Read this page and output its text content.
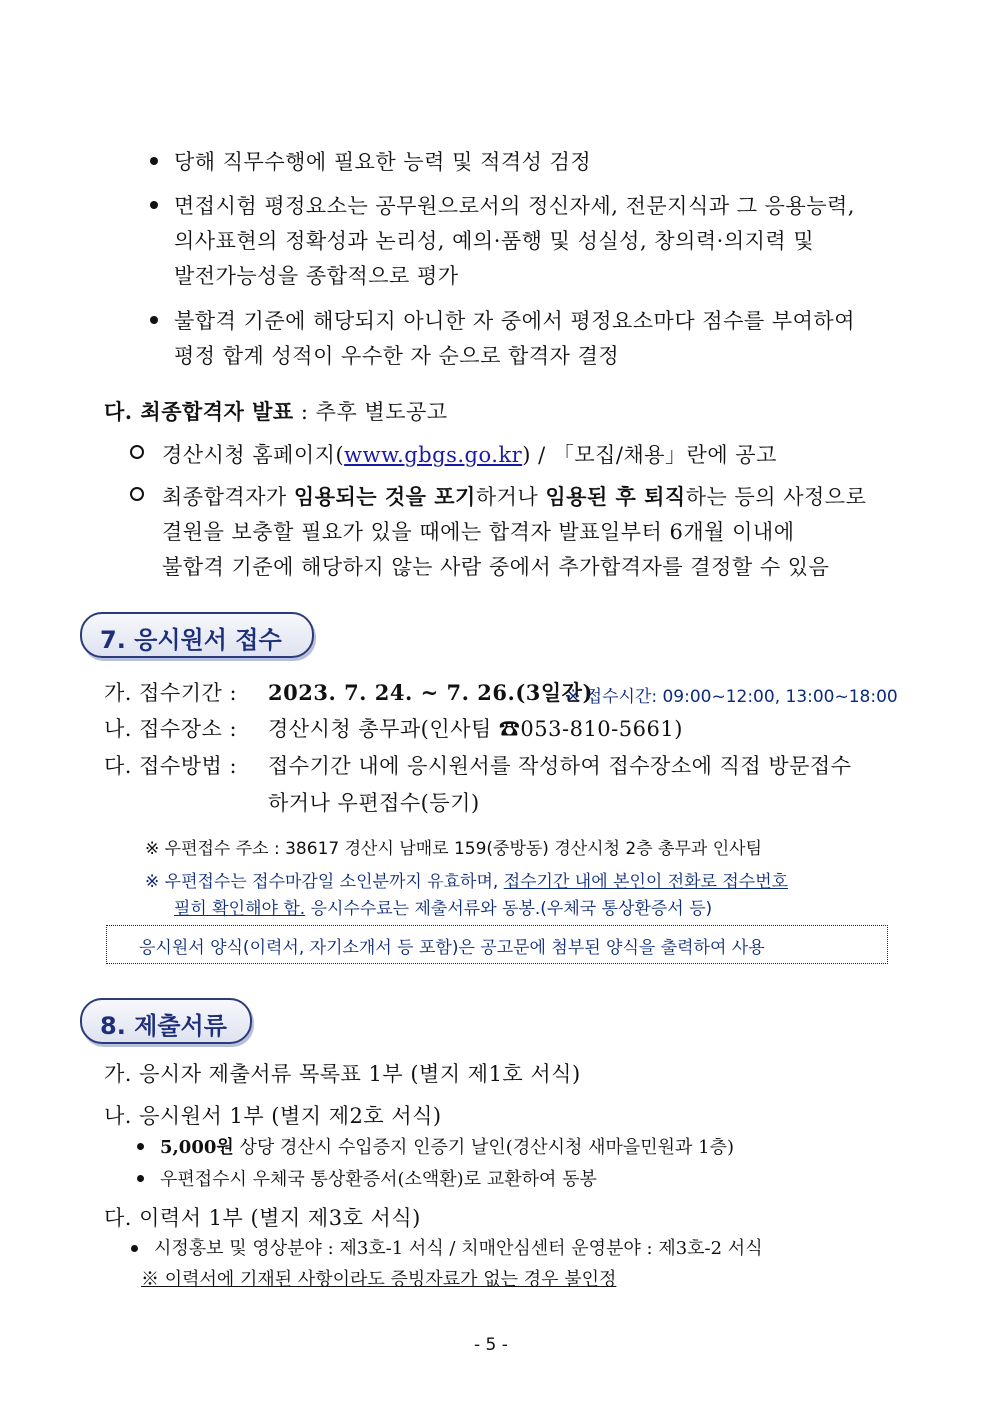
당해 직무수행에 필요한 능력 및 적격성 검정
면접시험 평정요소는 공무원으로서의 정신자세, 전문지식과 그 응용능력,
의사표현의 정확성과 논리성, 예의·품행 및 성실성, 창의력·의지력 및
발전가능성을 종합적으로 평가
불합격 기준에 해당되지 아니한 자 중에서 평정요소마다 점수를 부여하여
평정 합계 성적이 우수한 자 순으로 합격자 결정
다. 최종합격자 발표 : 추후 별도공고
경산시청 홈페이지(www.gbgs.go.kr) / 「모집/채용」란에 공고
최종합격자가 임용되는 것을 포기하거나 임용된 후 퇴직하는 등의 사정으로
결원을 보충할 필요가 있을 때에는 합격자 발표일부터 6개월 이내에
불합격 기준에 해당하지 않는 사람 중에서 추가합격자를 결정할 수 있음
7. 응시원서 접수
가. 접수기간 : 2023. 7. 24. ~ 7. 26.(3일간)
※ 접수시간: 09:00~12:00, 13:00~18:00
나. 접수장소 : 경산시청 총무과(인사팀 ☎053-810-5661)
다. 접수방법 : 접수기간 내에 응시원서를 작성하여 접수장소에 직접 방문접수
하거나 우편접수(등기)
※ 우편접수 주소 : 38617 경산시 남매로 159(중방동) 경산시청 2층 총무과 인사팀
※ 우편접수는 접수마감일 소인분까지 유효하며, 접수기간 내에 본인이 전화로 접수번호
필히 확인해야 함. 응시수수료는 제출서류와 동봉.(우체국 통상환증서 등)
응시원서 양식(이력서, 자기소개서 등 포함)은 공고문에 첨부된 양식을 출력하여 사용
8. 제출서류
가. 응시자 제출서류 목록표 1부 (별지 제1호 서식)
나. 응시원서 1부 (별지 제2호 서식)
5,000원 상당 경산시 수입증지 인증기 날인(경산시청 새마을민원과 1층)
우편접수시 우체국 통상환증서(소액환)로 교환하여 동봉
다. 이력서 1부 (별지 제3호 서식)
시정홍보 및 영상분야 : 제3호-1 서식 / 치매안심센터 운영분야 : 제3호-2 서식
※ 이력서에 기재된 사항이라도 증빙자료가 없는 경우 불인정
- 5 -
